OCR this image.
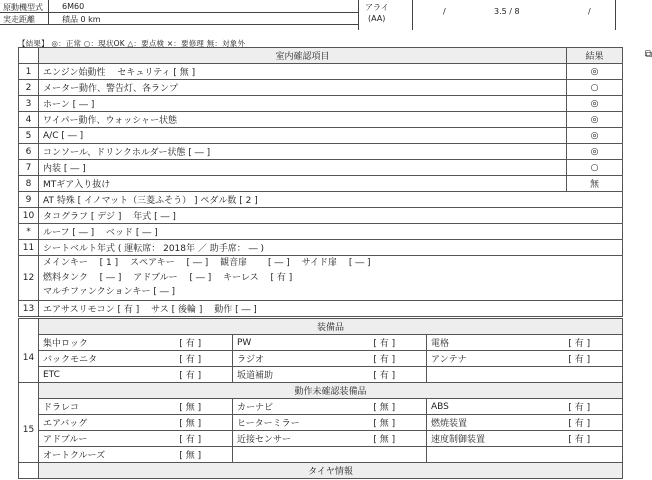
原動機型式 6M60
実走距離	積品 0 km
アライ
(AA)
/	3.5 / 8	/
【結果】 ◎：正常 ○：現状OK △：要点検 ×：要修理 無：対象外
	室内確認項目	結果 ⧉

1	エンジン始動性　 セキュリティ [ 無 ]	◎
2	メーター動作、警告灯、各ランプ	○
3	ホーン [ ― ]	◎
4	ワイパー動作、ウォッシャー状態	◎
5	A/C [ ― ]	◎
6	コンソール、ドリンクホルダー状態 [ ― ]	◎
7	内装 [ ― ]	○
8	MTギア入り抜け	無
9	AT 特殊 [ イノマット（三菱ふそう） ] ペダル数 [ 2 ]	
10	タコグラフ [ デジ ]　 年式 [ ― ]	
*	ルーフ [ ― ]　 ベッド [ ― ]	
11	シートベルト年式 ( 運転席： 2018年 ／ 助手席： ― )	
12	メインキー　 [ 1 ]　 スペアキー　 [ ― ]　 観音扉　　 [ ― ]　 サイド扉　 [ ― ]
燃料タンク　 [ ― ]　 アドブルー　 [ ― ]　 キーレス　 [ 有 ]
マルチファンクションキー [ ― ]	

13	エアサスリモコン [ 有 ]　 サス [ 後輪 ]　 動作 [ ― ]	
	装備品					
14	集中ロック	[ 有 ]	PW	[ 有 ]	電格	[ 有 ]
	バックモニタ	[ 有 ]	ラジオ	[ 有 ]	アンテナ	[ 有 ]
	ETC	[ 有 ]	坂道補助	[ 有 ]		
	動作未確認装備品					
15	ドラレコ	[ 無 ]	カーナビ	[ 無 ]	ABS	[ 有 ]
	エアバッグ	[ 無 ]	ヒーターミラー	[ 無 ]	燃焼装置	[ 有 ]
	アドブルー	[ 有 ]	近接センサー	[ 無 ]	速度制御装置	[ 有 ]
	オートクルーズ	[ 無 ]				
	タイヤ情報
